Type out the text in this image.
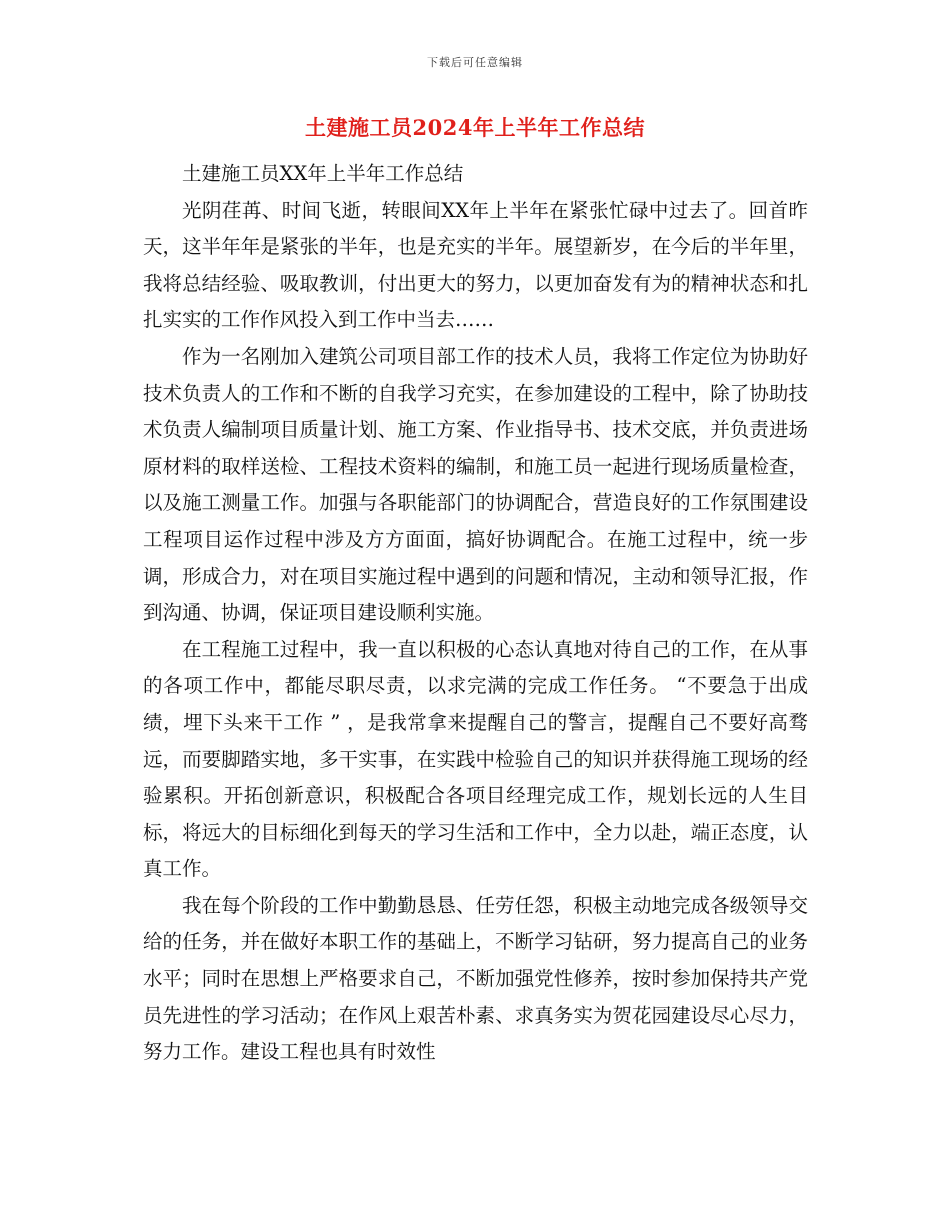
下载后可任意编辑
土建施工员2024年上半年工作总结

土建施工员XX年上半年工作总结

光阴荏苒、时间飞逝，转眼间XX年上半年在紧张忙碌中过去了。回首昨天，这半年年是紧张的半年，也是充实的半年。展望新岁，在今后的半年里，我将总结经验、吸取教训，付出更大的努力，以更加奋发有为的精神状态和扎扎实实的工作作风投入到工作中当去……

作为一名刚加入建筑公司项目部工作的技术人员，我将工作定位为协助好技术负责人的工作和不断的自我学习充实，在参加建设的工程中，除了协助技术负责人编制项目质量计划、施工方案、作业指导书、技术交底，并负责进场原材料的取样送检、工程技术资料的编制，和施工员一起进行现场质量检查，以及施工测量工作。加强与各职能部门的协调配合，营造良好的工作氛围建设工程项目运作过程中涉及方方面面，搞好协调配合。在施工过程中，统一步调，形成合力，对在项目实施过程中遇到的问题和情况，主动和领导汇报，作到沟通、协调，保证项目建设顺利实施。

在工程施工过程中，我一直以积极的心态认真地对待自己的工作，在从事的各项工作中，都能尽职尽责，以求完满的完成工作任务。 “不要急于出成绩，埋下头来干工作 ” ，是我常拿来提醒自己的警言，提醒自己不要好高骛远，而要脚踏实地，多干实事，在实践中检验自己的知识并获得施工现场的经验累积。开拓创新意识，积极配合各项目经理完成工作，规划长远的人生目标，将远大的目标细化到每天的学习生活和工作中，全力以赴，端正态度，认真工作。

我在每个阶段的工作中勤勤恳恳、任劳任怨，积极主动地完成各级领导交给的任务，并在做好本职工作的基础上，不断学习钻研，努力提高自己的业务水平；同时在思想上严格要求自己，不断加强党性修养，按时参加保持共产党员先进性的学习活动；在作风上艰苦朴素、求真务实为贺花园建设尽心尽力，努力工作。建设工程也具有时效性
